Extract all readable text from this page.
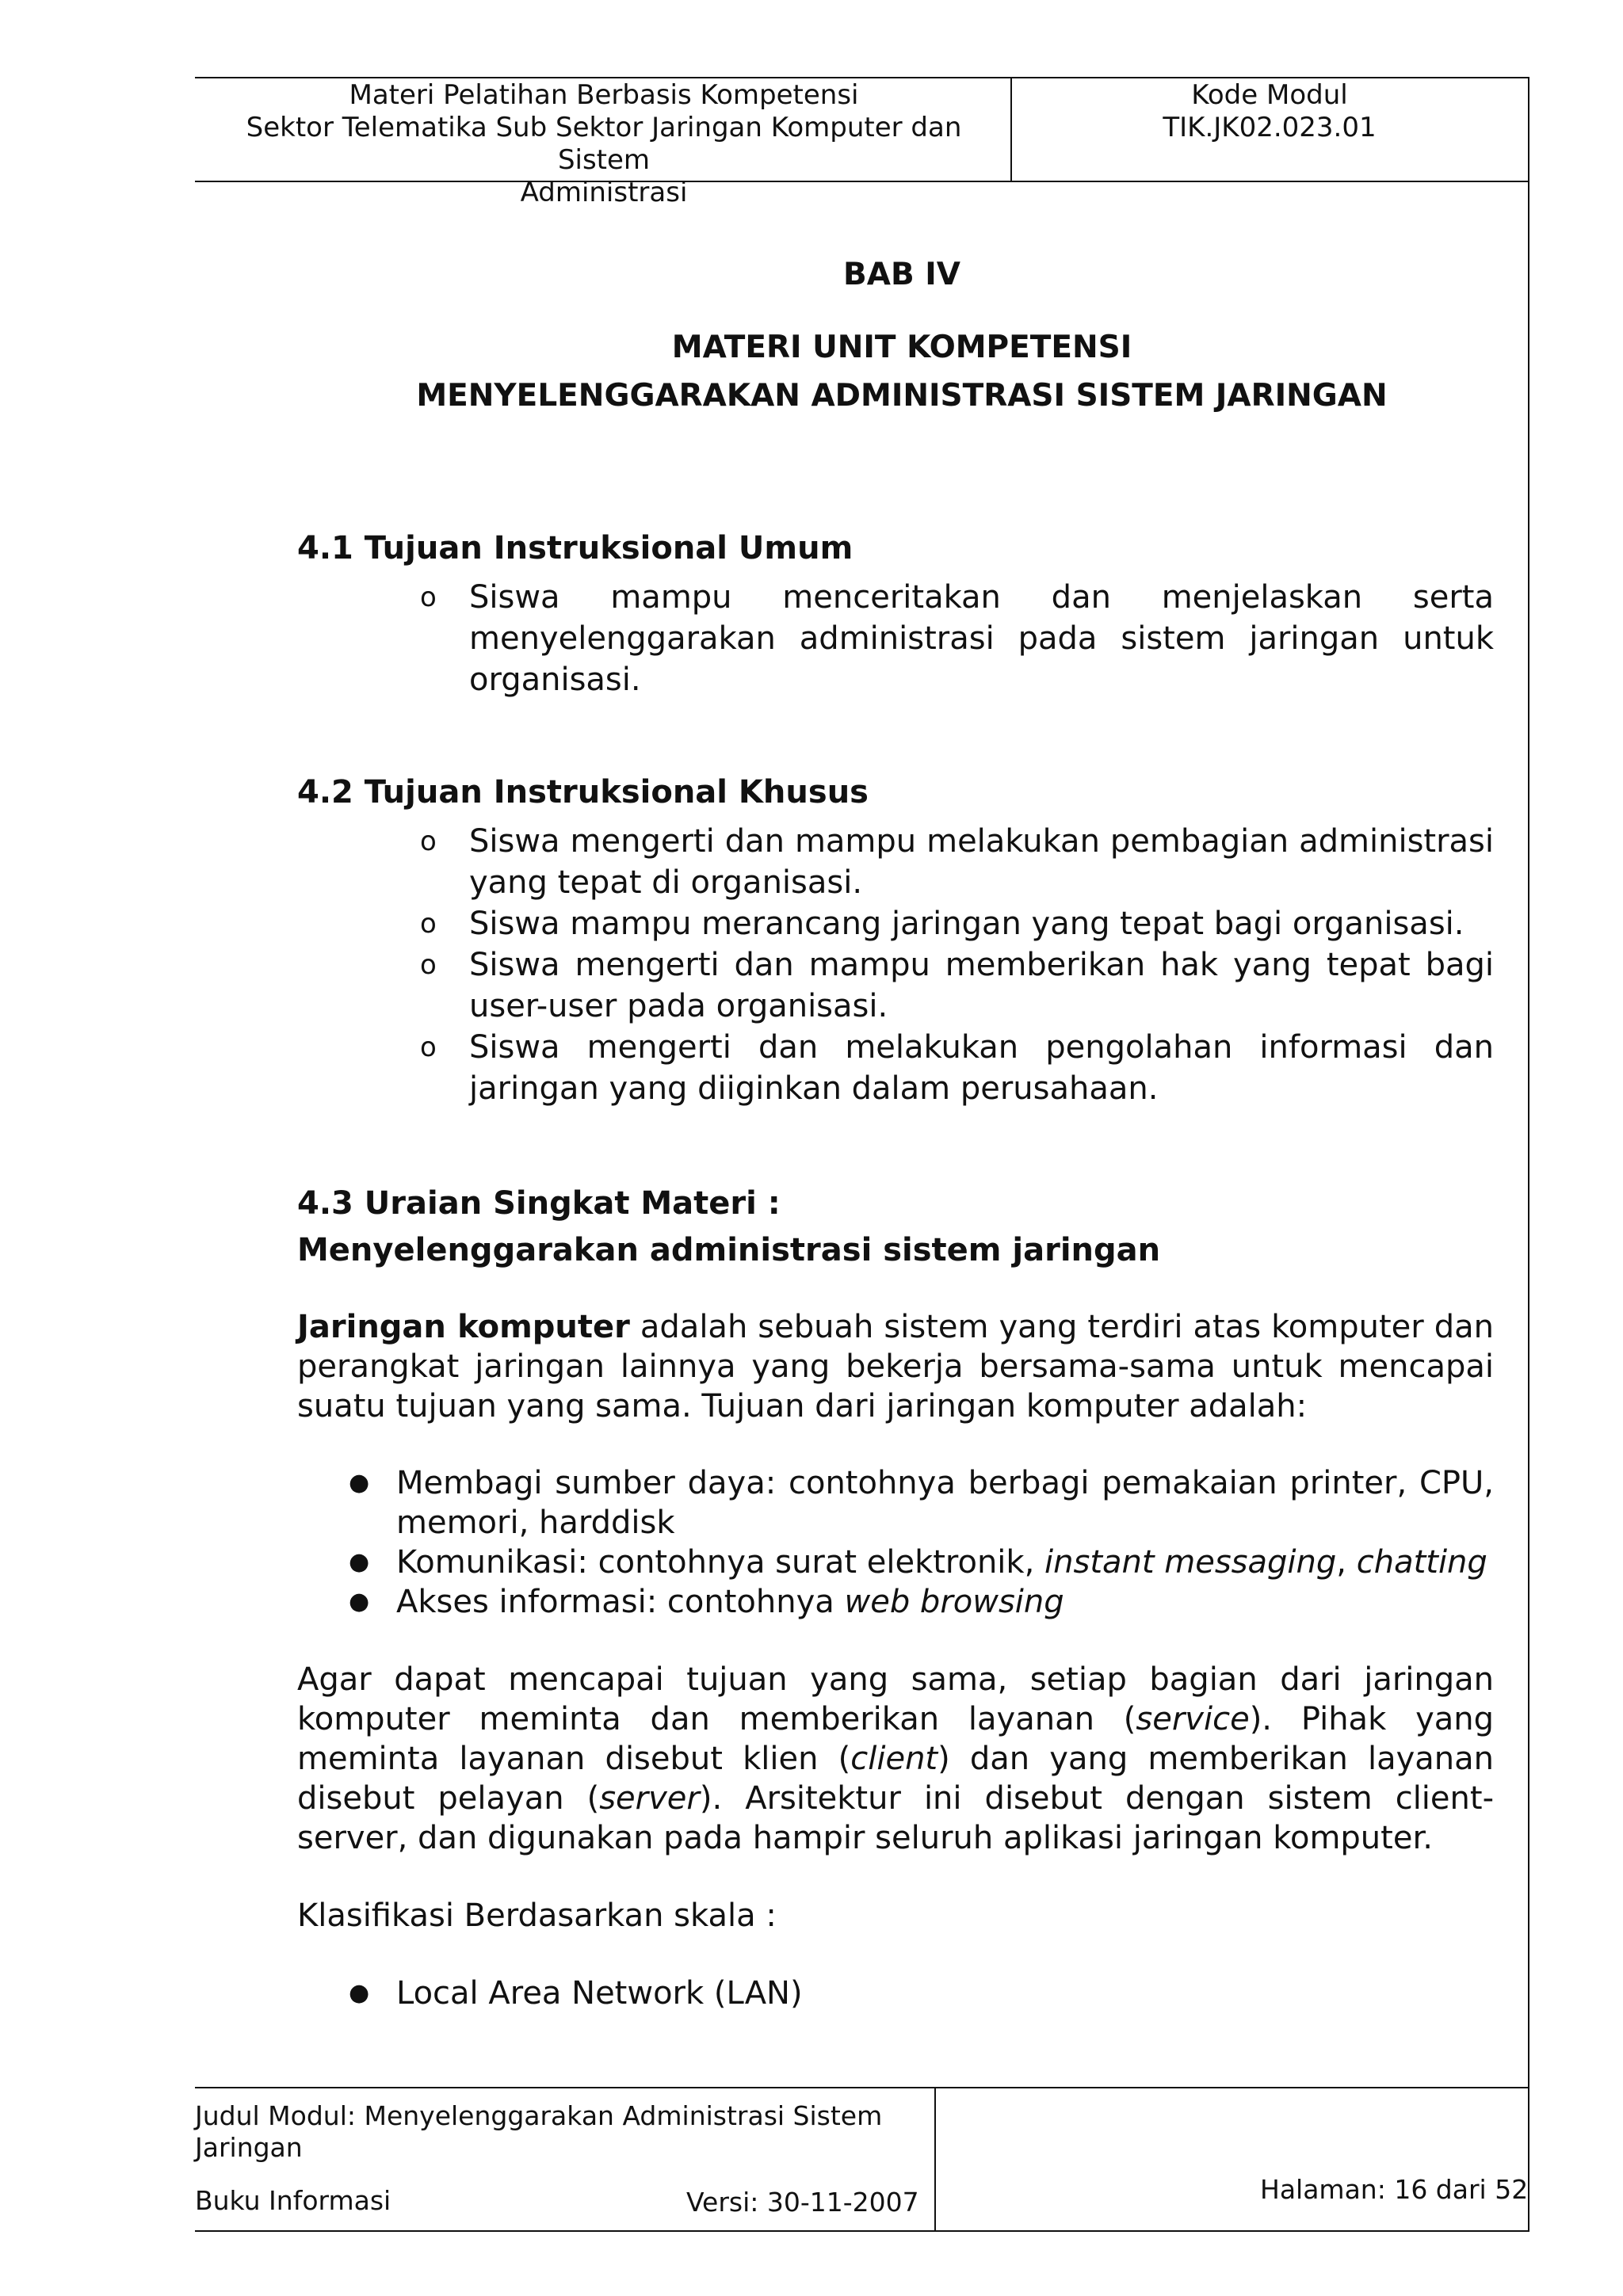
Materi Pelatihan Berbasis Kompetensi
Sektor Telematika Sub Sektor Jaringan Komputer dan Sistem
Administrasi
Kode Modul
TIK.JK02.023.01
BAB IV
MATERI UNIT KOMPETENSI
MENYELENGGARAKAN ADMINISTRASI SISTEM JARINGAN
4.1 Tujuan Instruksional Umum
o Siswa mampu menceritakan dan menjelaskan serta menyelenggarakan administrasi pada sistem jaringan untuk organisasi.
4.2 Tujuan Instruksional Khusus
o Siswa mengerti dan mampu melakukan pembagian administrasi yang tepat di organisasi.
o Siswa mampu merancang jaringan yang tepat bagi organisasi.
o Siswa mengerti dan mampu memberikan hak yang tepat bagi user-user pada organisasi.
o Siswa mengerti dan melakukan pengolahan informasi dan jaringan yang diiginkan dalam perusahaan.
4.3 Uraian Singkat Materi :
Menyelenggarakan administrasi sistem jaringan
Jaringan komputer adalah sebuah sistem yang terdiri atas komputer dan perangkat jaringan lainnya yang bekerja bersama-sama untuk mencapai suatu tujuan yang sama. Tujuan dari jaringan komputer adalah:
● Membagi sumber daya: contohnya berbagi pemakaian printer, CPU, memori, harddisk
● Komunikasi: contohnya surat elektronik, instant messaging, chatting
● Akses informasi: contohnya web browsing
Agar dapat mencapai tujuan yang sama, setiap bagian dari jaringan komputer meminta dan memberikan layanan (service). Pihak yang meminta layanan disebut klien (client) dan yang memberikan layanan disebut pelayan (server). Arsitektur ini disebut dengan sistem client-server, dan digunakan pada hampir seluruh aplikasi jaringan komputer.
Klasifikasi Berdasarkan skala :
● Local Area Network (LAN)
Judul Modul: Menyelenggarakan Administrasi Sistem
Jaringan
Buku Informasi	Versi: 30-11-2007	Halaman: 16 dari 52
